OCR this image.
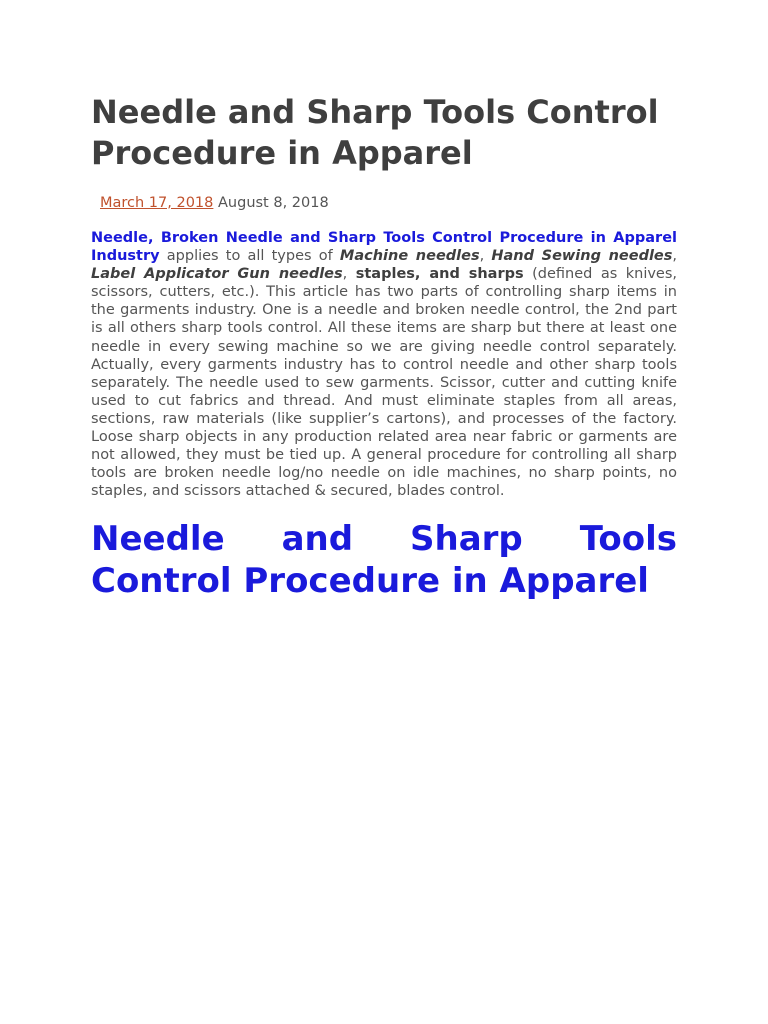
Needle and Sharp Tools Control Procedure in Apparel
March 17, 2018 August 8, 2018

Needle, Broken Needle and Sharp Tools Control Procedure in Apparel Industry applies to all types of Machine needles, Hand Sewing needles, Label Applicator Gun needles, staples, and sharps (defined as knives, scissors, cutters, etc.). This article has two parts of controlling sharp items in the garments industry. One is a needle and broken needle control, the 2nd part is all others sharp tools control. All these items are sharp but there at least one needle in every sewing machine so we are giving needle control separately. Actually, every garments industry has to control needle and other sharp tools separately. The needle used to sew garments. Scissor, cutter and cutting knife used to cut fabrics and thread. And must eliminate staples from all areas, sections, raw materials (like supplier’s cartons), and processes of the factory. Loose sharp objects in any production related area near fabric or garments are not allowed, they must be tied up. A general procedure for controlling all sharp tools are broken needle log/no needle on idle machines, no sharp points, no staples, and scissors attached & secured, blades control.

Needle and Sharp Tools Control Procedure in Apparel
